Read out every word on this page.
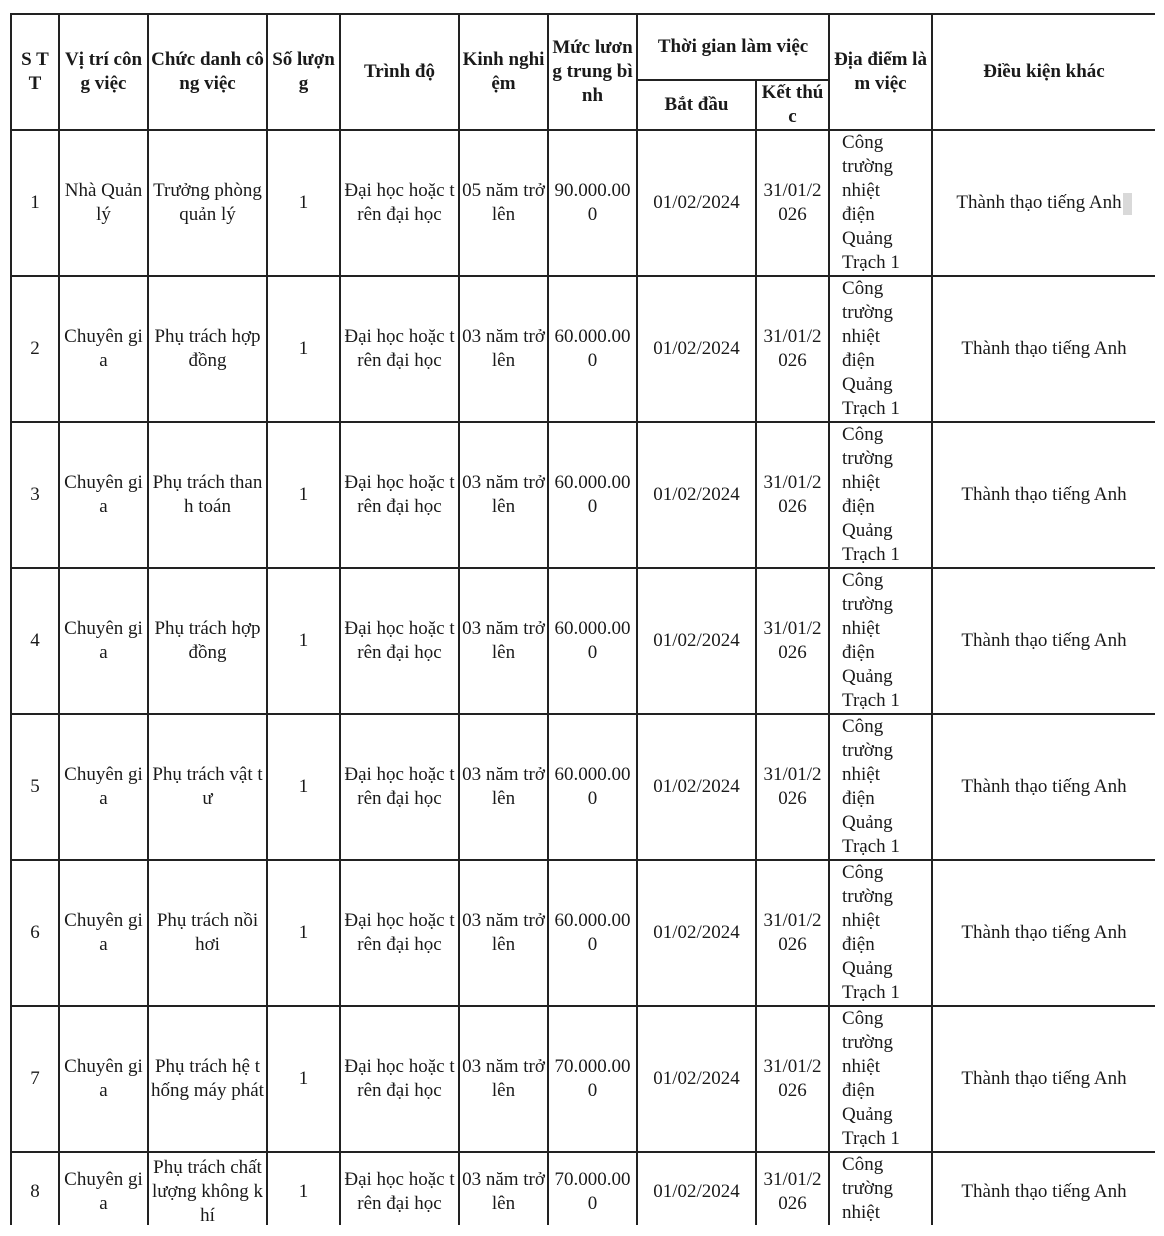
S T T	Vị trí công việc	Chức danh công việc	Số lượng	Trình độ	Kinh nghiệm	Mức lương trung bình	Thời gian làm việc		Địa điểm làm việc	Điều kiện khác
							Bắt đầu	Kết thúc		
1	Nhà Quản lý	Trưởng phòng quản lý	1	Đại học hoặc trên đại học	05 năm trở lên	90.000.000	01/02/2024	31/01/2026	Công trường nhiệt điện Quảng Trạch 1	Thành thạo tiếng Anh
2	Chuyên gia	Phụ trách hợp đồng	1	Đại học hoặc trên đại học	03 năm trở lên	60.000.000	01/02/2024	31/01/2026	Công trường nhiệt điện Quảng Trạch 1	Thành thạo tiếng Anh
3	Chuyên gia	Phụ trách thanh toán	1	Đại học hoặc trên đại học	03 năm trở lên	60.000.000	01/02/2024	31/01/2026	Công trường nhiệt điện Quảng Trạch 1	Thành thạo tiếng Anh
4	Chuyên gia	Phụ trách hợp đồng	1	Đại học hoặc trên đại học	03 năm trở lên	60.000.000	01/02/2024	31/01/2026	Công trường nhiệt điện Quảng Trạch 1	Thành thạo tiếng Anh
5	Chuyên gia	Phụ trách vật tư	1	Đại học hoặc trên đại học	03 năm trở lên	60.000.000	01/02/2024	31/01/2026	Công trường nhiệt điện Quảng Trạch 1	Thành thạo tiếng Anh
6	Chuyên gia	Phụ trách nồi hơi	1	Đại học hoặc trên đại học	03 năm trở lên	60.000.000	01/02/2024	31/01/2026	Công trường nhiệt điện Quảng Trạch 1	Thành thạo tiếng Anh
7	Chuyên gia	Phụ trách hệ thống máy phát	1	Đại học hoặc trên đại học	03 năm trở lên	70.000.000	01/02/2024	31/01/2026	Công trường nhiệt điện Quảng Trạch 1	Thành thạo tiếng Anh
8	Chuyên gia	Phụ trách chất lượng không khí	1	Đại học hoặc trên đại học	03 năm trở lên	70.000.000	01/02/2024	31/01/2026	Công trường nhiệt	Thành thạo tiếng Anh
